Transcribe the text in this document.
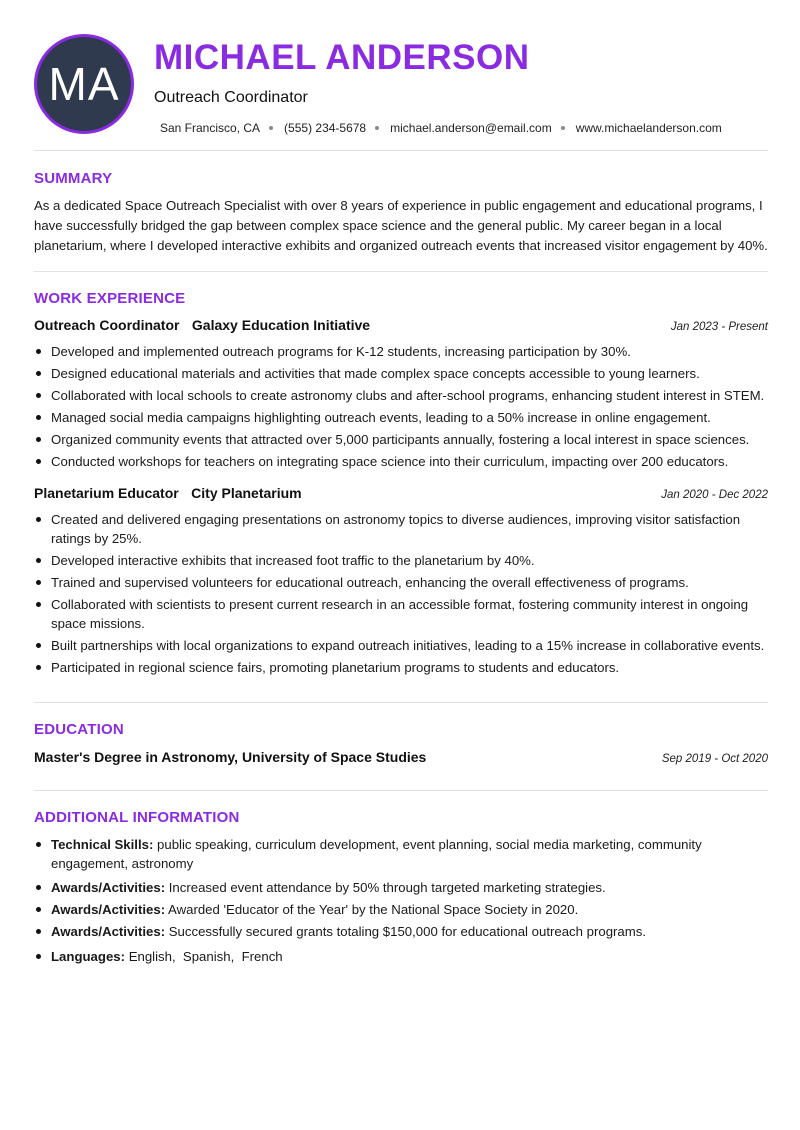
MA
MICHAEL ANDERSON
Outreach Coordinator
San Francisco, CA (555) 234-5678 michael.anderson@email.com www.michaelanderson.com
SUMMARY

As a dedicated Space Outreach Specialist with over 8 years of experience in public engagement and educational programs, I have successfully bridged the gap between complex space science and the general public. My career began in a local planetarium, where I developed interactive exhibits and organized outreach events that increased visitor engagement by 40%.

WORK EXPERIENCE
Outreach Coordinator Galaxy Education Initiative	Jan 2023 - Present
Developed and implemented outreach programs for K-12 students, increasing participation by 30%.
Designed educational materials and activities that made complex space concepts accessible to young learners.
Collaborated with local schools to create astronomy clubs and after-school programs, enhancing student interest in STEM.
Managed social media campaigns highlighting outreach events, leading to a 50% increase in online engagement.
Organized community events that attracted over 5,000 participants annually, fostering a local interest in space sciences.
Conducted workshops for teachers on integrating space science into their curriculum, impacting over 200 educators.
Planetarium Educator City Planetarium	Jan 2020 - Dec 2022
Created and delivered engaging presentations on astronomy topics to diverse audiences, improving visitor satisfaction ratings by 25%.
Developed interactive exhibits that increased foot traffic to the planetarium by 40%.
Trained and supervised volunteers for educational outreach, enhancing the overall effectiveness of programs.
Collaborated with scientists to present current research in an accessible format, fostering community interest in ongoing space missions.
Built partnerships with local organizations to expand outreach initiatives, leading to a 15% increase in collaborative events.
Participated in regional science fairs, promoting planetarium programs to students and educators.
EDUCATION
Master's Degree in Astronomy, University of Space Studies	Sep 2019 - Oct 2020
ADDITIONAL INFORMATION
Technical Skills: public speaking, curriculum development, event planning, social media marketing, community engagement, astronomy
Awards/Activities: Increased event attendance by 50% through targeted marketing strategies.
Awards/Activities: Awarded 'Educator of the Year' by the National Space Society in 2020.
Awards/Activities: Successfully secured grants totaling $150,000 for educational outreach programs.
Languages: English,  Spanish,  French
